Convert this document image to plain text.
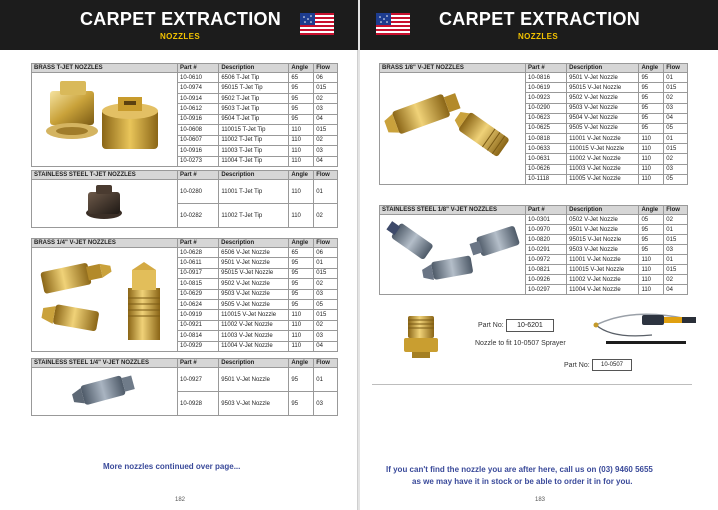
CARPET EXTRACTION
NOZZLES
BRASS T-JET NOZZLES	Part #	Description	Angle	Flow
	10-0610	6506 T-Jet Tip	65	06
	10-0974	95015 T-Jet Tip	95	015
	10-0914	9502 T-Jet Tip	95	02
	10-0612	9503 T-Jet Tip	95	03
	10-0916	9504 T-Jet Tip	95	04
	10-0608	110015 T-Jet Tip	110	015
	10-0607	11002 T-Jet Tip	110	02
	10-0916	11003 T-Jet Tip	110	03
	10-0273	11004 T-Jet Tip	110	04
STAINLESS STEEL T-JET NOZZLES	Part #	Description	Angle	Flow
	10-0280	11001 T-Jet Tip	110	01
	10-0282	11002 T-Jet Tip	110	02
BRASS 1/4" V-JET NOZZLES	Part #	Description	Angle	Flow
	10-0628	6506 V-Jet Nozzle	65	06
	10-0611	9501 V-Jet Nozzle	95	01
	10-0917	95015 V-Jet Nozzle	95	015
	10-0815	9502 V-Jet Nozzle	95	02
	10-0629	9503 V-Jet Nozzle	95	03
	10-0624	9505 V-Jet Nozzle	95	05
	10-0919	110015 V-Jet Nozzle	110	015
	10-0921	11002 V-Jet Nozzle	110	02
	10-0814	11003 V-Jet Nozzle	110	03
	10-0929	11004 V-Jet Nozzle	110	04
STAINLESS STEEL 1/4" V-JET NOZZLES	Part #	Description	Angle	Flow
	10-0927	9501 V-Jet Nozzle	95	01
	10-0928	9503 V-Jet Nozzle	95	03
More nozzles continued over page...
182
CARPET EXTRACTION
NOZZLES
BRASS 1/8" V-JET NOZZLES	Part #	Description	Angle	Flow
	10-0816	9501 V-Jet Nozzle	95	01
	10-0619	95015 V-Jet Nozzle	95	015
	10-0923	9502 V-Jet Nozzle	95	02
	10-0290	9503 V-Jet Nozzle	95	03
	10-0623	9504 V-Jet Nozzle	95	04
	10-0625	9505 V-Jet Nozzle	95	05
	10-0818	11001 V-Jet Nozzle	110	01
	10-0633	110015 V-Jet Nozzle	110	015
	10-0631	11002 V-Jet Nozzle	110	02
	10-0626	11003 V-Jet Nozzle	110	03
	10-1118	11005 V-Jet Nozzle	110	05
STAINLESS STEEL 1/8" V-JET NOZZLES	Part #	Description	Angle	Flow
	10-0301	0502 V-Jet Nozzle	05	02
	10-0970	9501 V-Jet Nozzle	95	01
	10-0820	95015 V-Jet Nozzle	95	015
	10-0291	9503 V-Jet Nozzle	95	03
	10-0972	11001 V-Jet Nozzle	110	01
	10-0821	110015 V-Jet Nozzle	110	015
	10-0926	11002 V-Jet Nozzle	110	02
	10-0297	11004 V-Jet Nozzle	110	04
Part No:	10-6201
Nozzle to fit 10-0507 Sprayer
Part No:	10-0507
If you can't find the nozzle you are after here, call us on (03) 9460 5655
as we may have it in stock or be able to order it in for you.
183
